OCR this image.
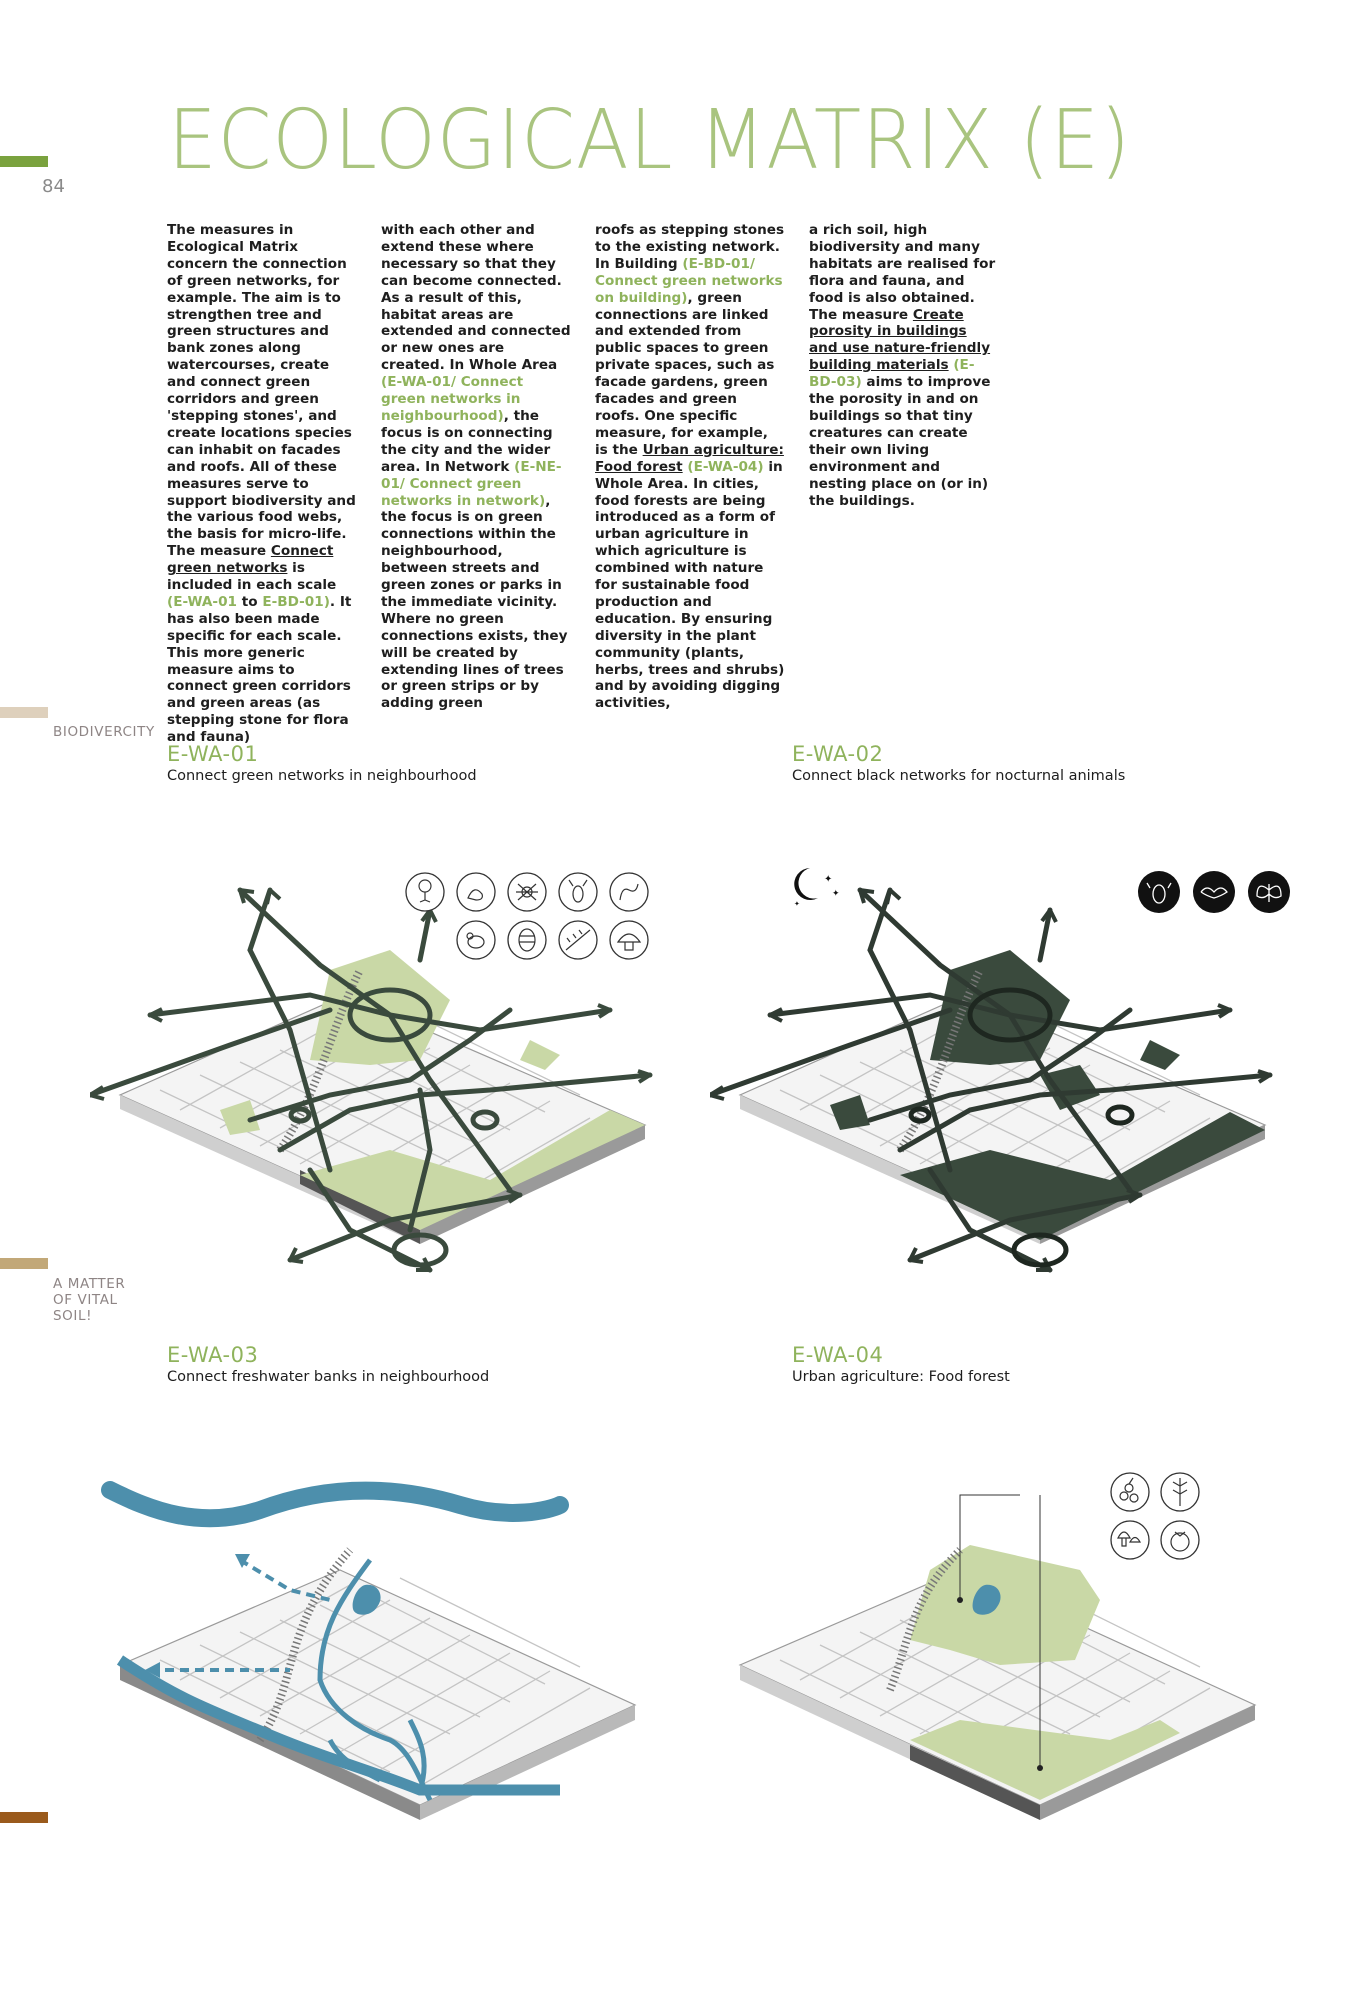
ECOLOGICAL MATRIX (E)
84

The measures in Ecological Matrix concern the connection of green networks, for example. The aim is to strengthen tree and green structures and bank zones along watercourses, create and connect green corridors and green 'stepping stones', and create locations species can inhabit on facades and roofs. All of these measures serve to support biodiversity and the various food webs, the basis for micro-life. The measure Connect green networks is included in each scale (E-WA-01 to E-BD-01). It has also been made specific for each scale. This more generic measure aims to connect green corridors and green areas (as stepping stone for flora and fauna)

with each other and extend these where necessary so that they can become connected.
As a result of this, habitat areas are extended and connected or new ones are created. In Whole Area (E-WA-01/ Connect green networks in neighbourhood), the focus is on connecting the city and the wider area. In Network (E-NE-01/ Connect green networks in network), the focus is on green connections within the neighbourhood, between streets and green zones or parks in the immediate vicinity. Where no green connections exists, they will be created by extending lines of trees or green strips or by adding green

roofs as stepping stones to the existing network. In Building (E-BD-01/ Connect green networks on building), green connections are linked and extended from public spaces to green private spaces, such as facade gardens, green facades and green roofs. One specific measure, for example, is the Urban agriculture: Food forest (E-WA-04) in Whole Area. In cities, food forests are being introduced as a form of urban agriculture in which agriculture is combined with nature for sustainable food production and education. By ensuring diversity in the plant community (plants, herbs, trees and shrubs) and by avoiding digging activities,

a rich soil, high biodiversity and many habitats are realised for flora and fauna, and food is also obtained. The measure Create porosity in buildings and use nature-friendly building materials (E-BD-03) aims to improve the porosity in and on buildings so that tiny creatures can create their own living environment and nesting place on (or in) the buildings.

BIODIVERCITY
A MATTER OF VITAL SOIL!
E-WA-01
Connect green networks in neighbourhood
E-WA-02
Connect black networks for nocturnal animals
E-WA-03
Connect freshwater banks in neighbourhood
E-WA-04
Urban agriculture: Food forest
✦
✦
✦
